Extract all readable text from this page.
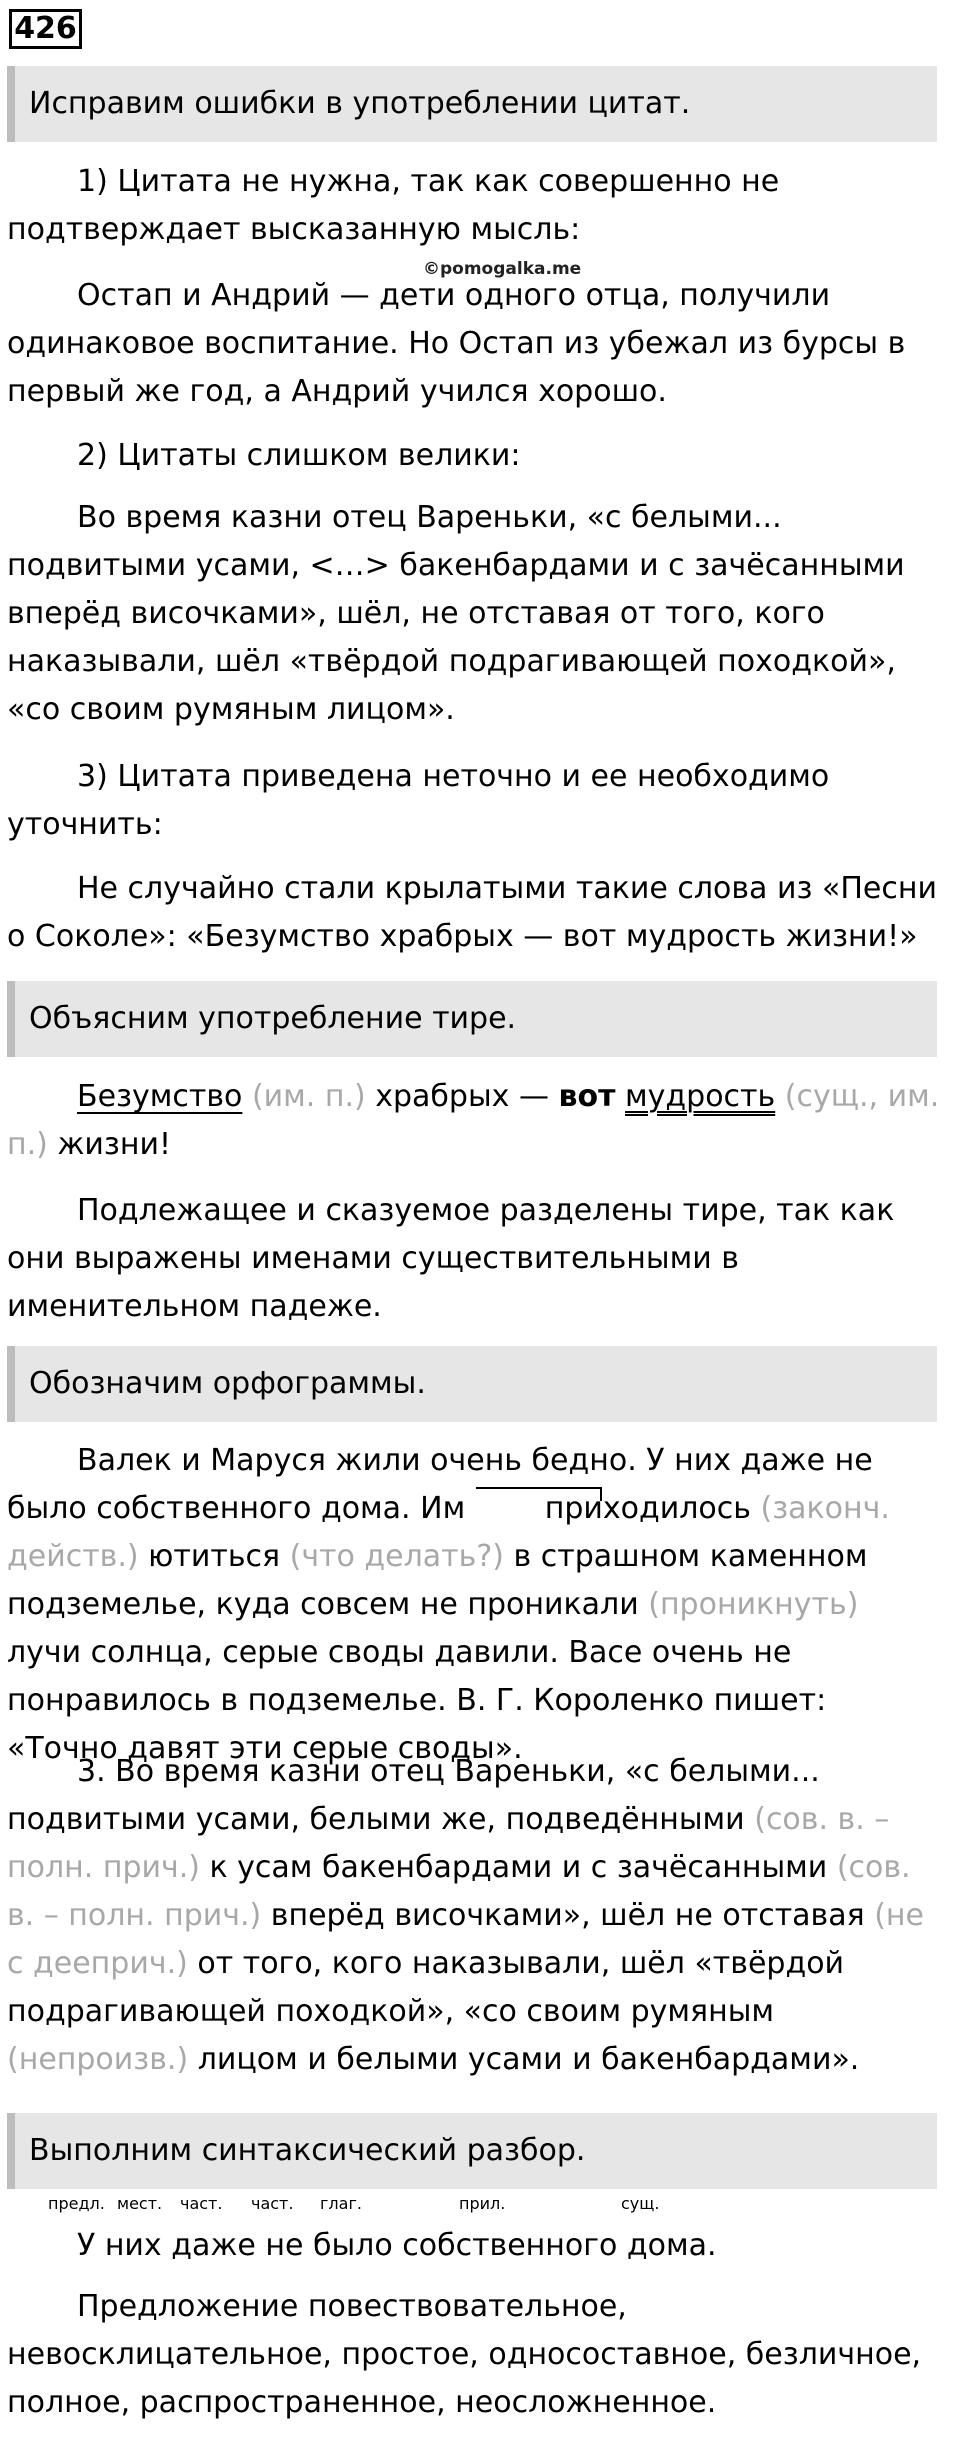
426
Исправим ошибки в употреблении цитат.

1) Цитата не нужна, так как совершенно не подтверждает высказанную мысль:

©pomogalka.me

Остап и Андрий — дети одного отца, получили одинаковое воспитание. Но Остап из убежал из бурсы в первый же год, а Андрий учился хорошо.

2) Цитаты слишком велики:

Во время казни отец Вареньки, «с белыми... подвитыми усами, <…> бакенбардами и с зачёсанными вперёд височками», шёл, не отставая от того, кого наказывали, шёл «твёрдой подрагивающей походкой», «со своим румяным лицом».

3) Цитата приведена неточно и ее необходимо уточнить:

Не случайно стали крылатыми такие слова из «Песни о Соколе»: «Безумство храбрых — вот мудрость жизни!»

Объясним употребление тире.

Безумство (им. п.) храбрых — вот мудрость (сущ., им. п.) жизни!

Подлежащее и сказуемое разделены тире, так как они выражены именами существительными в именительном падеже.

Обозначим орфограммы.

Валек и Маруся жили очень бедно. У них даже не было собственного дома. Им приходилось (законч. действ.) ютиться (что делать?) в страшном каменном подземелье, куда совсем не проникали (проникнуть) лучи солнца, серые своды давили. Васе очень не понравилось в подземелье. В. Г. Короленко пишет: «Точно давят эти серые своды».

3. Во время казни отец Вареньки, «с белыми... подвитыми усами, белыми же, подведёнными (сов. в. – полн. прич.) к усам бакенбардами и с зачёсанными (сов. в. – полн. прич.) вперёд височками», шёл не отставая (не с дееприч.) от того, кого наказывали, шёл «твёрдой подрагивающей походкой», «со своим румяным (непроизв.) лицом и белыми усами и бакенбардами».

Выполним синтаксический разбор.
предл. мест. част. част. глаг.	прил.	сущ.

У них даже не было собственного дома.

Предложение повествовательное, невосклицательное, простое, односоставное, безличное, полное, распространенное, неосложненное.
